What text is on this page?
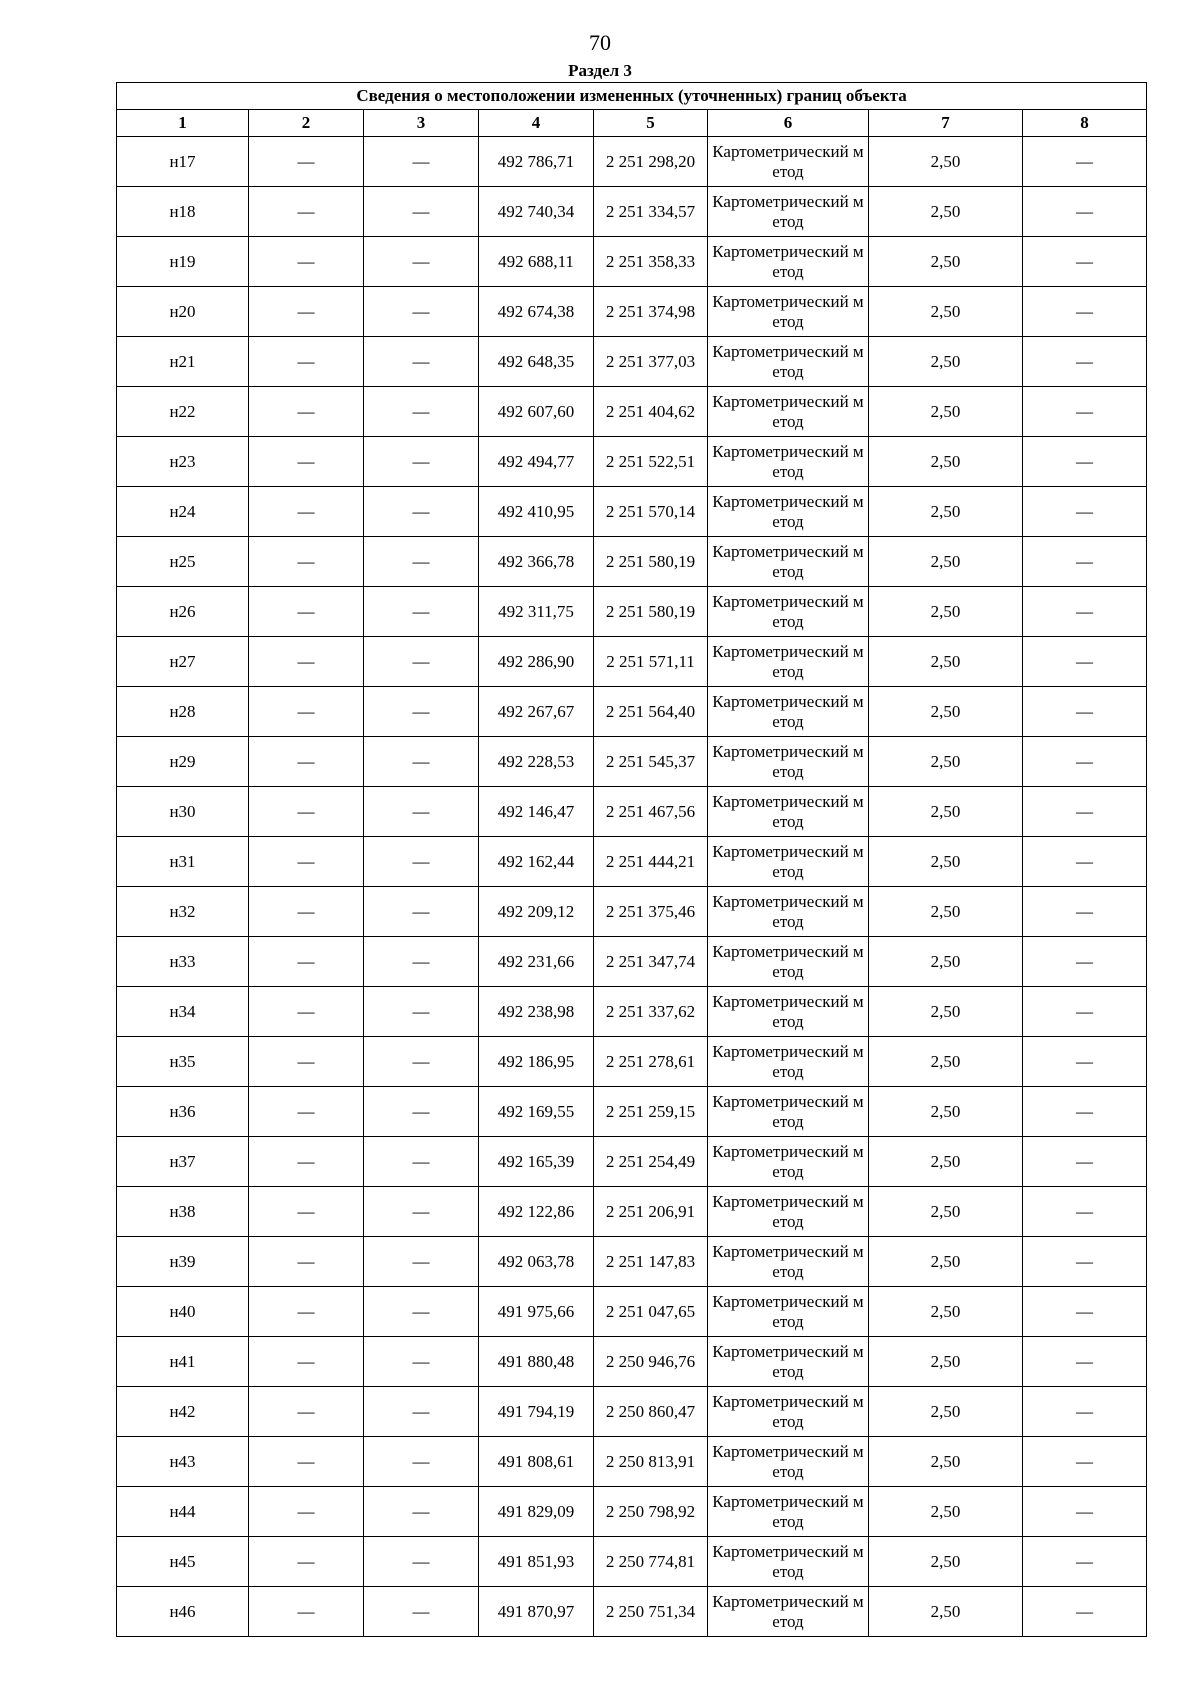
70
Раздел 3
Сведения о местоположении измененных (уточненных) границ объекта							
1	2	3	4	5	6	7	8
н17	—	—	492 786,71	2 251 298,20	Картометрический метод	2,50	—
н18	—	—	492 740,34	2 251 334,57	Картометрический метод	2,50	—
н19	—	—	492 688,11	2 251 358,33	Картометрический метод	2,50	—
н20	—	—	492 674,38	2 251 374,98	Картометрический метод	2,50	—
н21	—	—	492 648,35	2 251 377,03	Картометрический метод	2,50	—
н22	—	—	492 607,60	2 251 404,62	Картометрический метод	2,50	—
н23	—	—	492 494,77	2 251 522,51	Картометрический метод	2,50	—
н24	—	—	492 410,95	2 251 570,14	Картометрический метод	2,50	—
н25	—	—	492 366,78	2 251 580,19	Картометрический метод	2,50	—
н26	—	—	492 311,75	2 251 580,19	Картометрический метод	2,50	—
н27	—	—	492 286,90	2 251 571,11	Картометрический метод	2,50	—
н28	—	—	492 267,67	2 251 564,40	Картометрический метод	2,50	—
н29	—	—	492 228,53	2 251 545,37	Картометрический метод	2,50	—
н30	—	—	492 146,47	2 251 467,56	Картометрический метод	2,50	—
н31	—	—	492 162,44	2 251 444,21	Картометрический метод	2,50	—
н32	—	—	492 209,12	2 251 375,46	Картометрический метод	2,50	—
н33	—	—	492 231,66	2 251 347,74	Картометрический метод	2,50	—
н34	—	—	492 238,98	2 251 337,62	Картометрический метод	2,50	—
н35	—	—	492 186,95	2 251 278,61	Картометрический метод	2,50	—
н36	—	—	492 169,55	2 251 259,15	Картометрический метод	2,50	—
н37	—	—	492 165,39	2 251 254,49	Картометрический метод	2,50	—
н38	—	—	492 122,86	2 251 206,91	Картометрический метод	2,50	—
н39	—	—	492 063,78	2 251 147,83	Картометрический метод	2,50	—
н40	—	—	491 975,66	2 251 047,65	Картометрический метод	2,50	—
н41	—	—	491 880,48	2 250 946,76	Картометрический метод	2,50	—
н42	—	—	491 794,19	2 250 860,47	Картометрический метод	2,50	—
н43	—	—	491 808,61	2 250 813,91	Картометрический метод	2,50	—
н44	—	—	491 829,09	2 250 798,92	Картометрический метод	2,50	—
н45	—	—	491 851,93	2 250 774,81	Картометрический метод	2,50	—
н46	—	—	491 870,97	2 250 751,34	Картометрический метод	2,50	—
